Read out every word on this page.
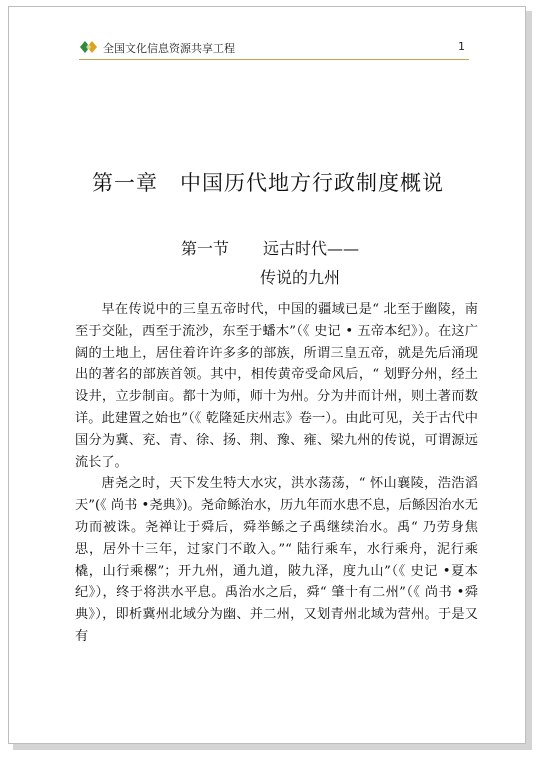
全国文化信息资源共享工程	1
第一章　中国历代地方行政制度概说
第一节 远古时代——
传说的九州

早在传说中的三皇五帝时代，中国的疆域已是“ 北至于幽陵，南至于交阯，西至于流沙，东至于蟠木”（《 史记 • 五帝本纪》）。在这广阔的土地上，居住着许许多多的部族，所谓三皇五帝，就是先后涌现出的著名的部族首领。其中，相传黄帝受命风后，“ 划野分州，经土设井，立步制亩。都十为师，师十为州。分为井而计州，则土著而数详。此建置之始也”（《 乾隆延庆州志》卷一）。由此可见，关于古代中国分为冀、兖、青、徐、扬、荆、豫、雍、梁九州的传说，可谓源远流长了。

唐尧之时，天下发生特大水灾，洪水荡荡，“ 怀山襄陵，浩浩滔天”(《 尚书 •尧典》)。尧命鲧治水，历九年而水患不息，后鲧因治水无功而被诛。尧禅让于舜后，舜举鲧之子禹继续治水。禹“ 乃劳身焦思，居外十三年，过家门不敢入。”“ 陆行乘车，水行乘舟，泥行乘橇，山行乘樏”；开九州，通九道，陂九泽，度九山”（《 史记 •夏本纪》），终于将洪水平息。禹治水之后，舜“ 肇十有二州”（《 尚书 •舜典》），即析冀州北域分为幽、并二州，又划青州北域为营州。于是又有
